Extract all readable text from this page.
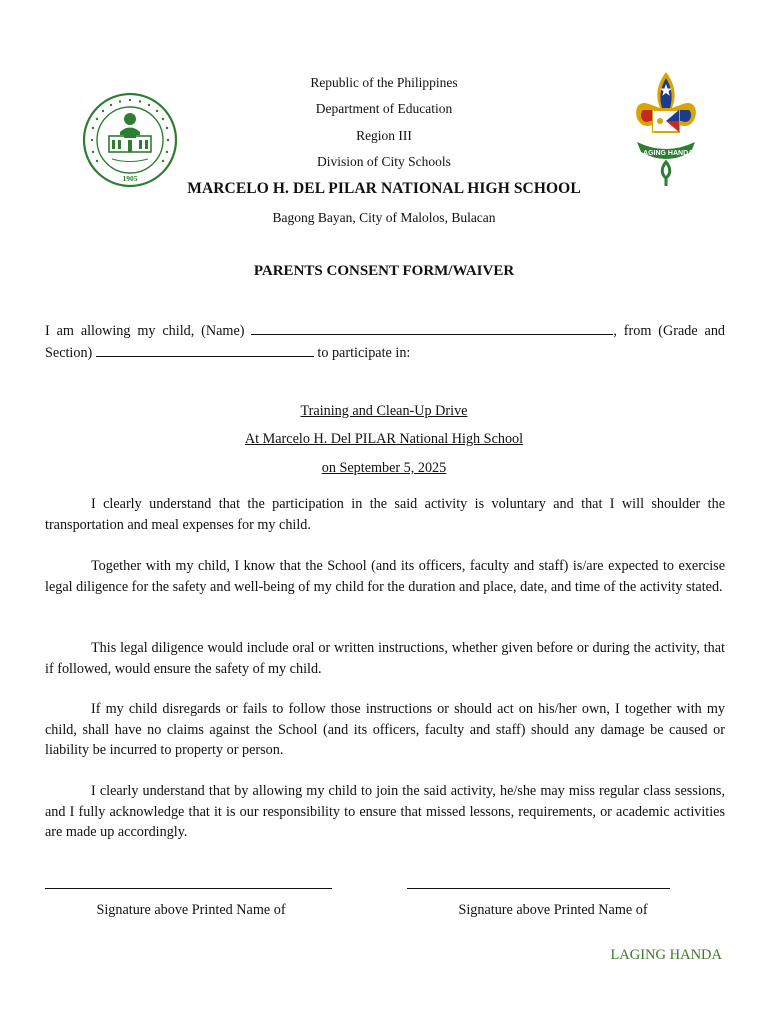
1905
LAGING HANDA
Republic of the Philippines
Department of Education
Region III
Division of City Schools
MARCELO H. DEL PILAR NATIONAL HIGH SCHOOL
Bagong Bayan, City of Malolos, Bulacan
PARENTS CONSENT FORM/WAIVER
I am allowing my child, (Name)	, from (Grade and Section)	to participate in:
Training and Clean-Up Drive
At Marcelo H. Del PILAR National High School
on September 5, 2025
I clearly understand that the participation in the said activity is voluntary and that I will shoulder the transportation and meal expenses for my child.
Together with my child, I know that the School (and its officers, faculty and staff) is/are expected to exercise legal diligence for the safety and well-being of my child for the duration and place, date, and time of the activity stated.
This legal diligence would include oral or written instructions, whether given before or during the activity, that if followed, would ensure the safety of my child.
If my child disregards or fails to follow those instructions or should act on his/her own, I together with my child, shall have no claims against the School (and its officers, faculty and staff) should any damage be caused or liability be incurred to property or person.
I clearly understand that by allowing my child to join the said activity, he/she may miss regular class sessions, and I fully acknowledge that it is our responsibility to ensure that missed lessons, requirements, or academic activities are made up accordingly.
Signature above Printed Name of	Signature above Printed Name of
LAGING HANDA
